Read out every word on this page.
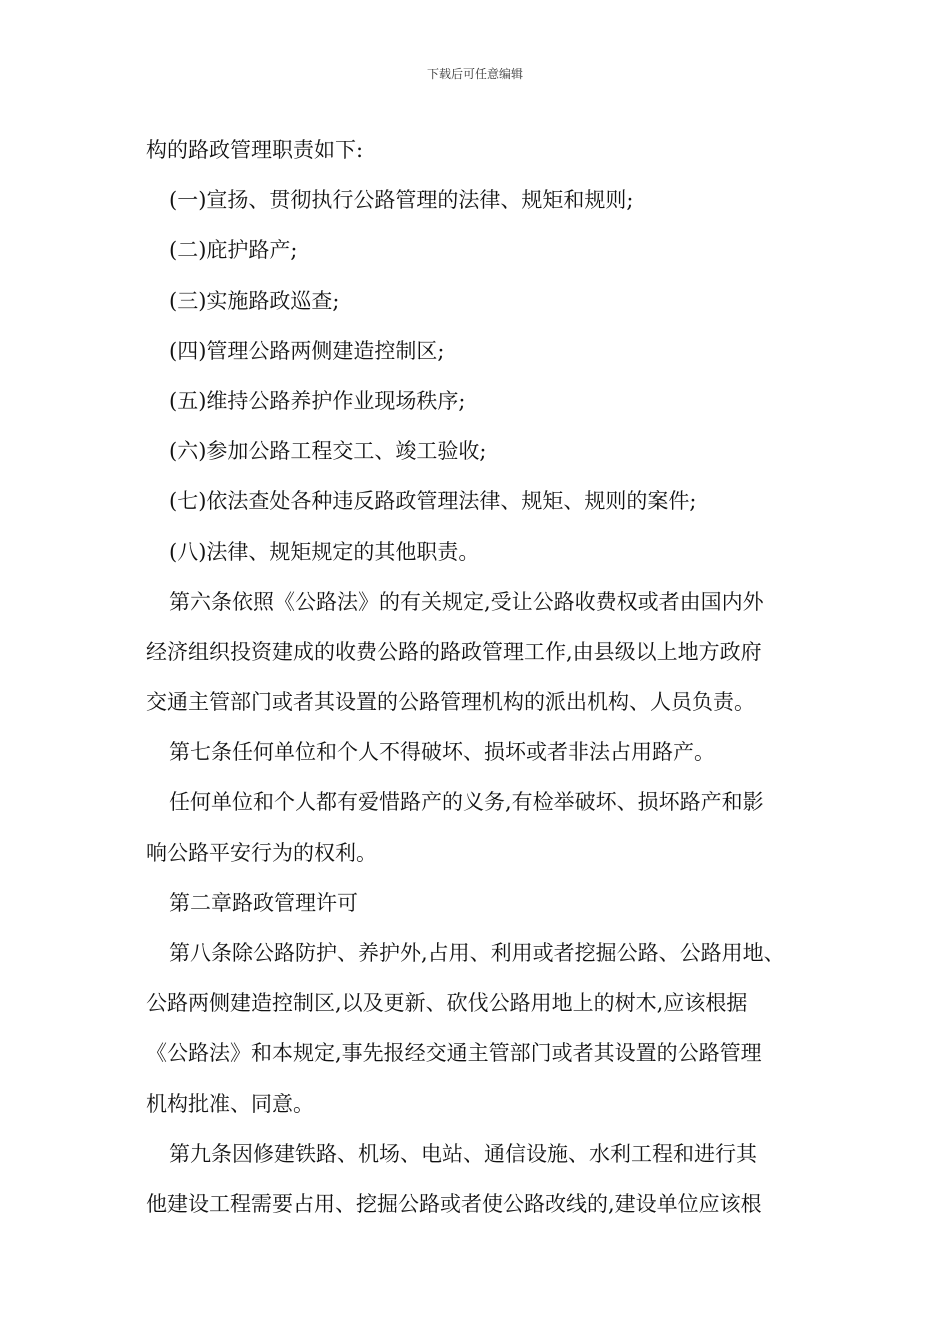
下载后可任意编辑
构的路政管理职责如下:
(一)宣扬、贯彻执行公路管理的法律、规矩和规则;
(二)庇护路产;
(三)实施路政巡查;
(四)管理公路两侧建造控制区;
(五)维持公路养护作业现场秩序;
(六)参加公路工程交工、竣工验收;
(七)依法查处各种违反路政管理法律、规矩、规则的案件;
(八)法律、规矩规定的其他职责。
第六条依照《公路法》的有关规定,受让公路收费权或者由国内外
经济组织投资建成的收费公路的路政管理工作,由县级以上地方政府
交通主管部门或者其设置的公路管理机构的派出机构、人员负责。
第七条任何单位和个人不得破坏、损坏或者非法占用路产。
任何单位和个人都有爱惜路产的义务,有检举破坏、损坏路产和影
响公路平安行为的权利。
第二章路政管理许可
第八条除公路防护、养护外,占用、利用或者挖掘公路、公路用地、
公路两侧建造控制区,以及更新、砍伐公路用地上的树木,应该根据
《公路法》和本规定,事先报经交通主管部门或者其设置的公路管理
机构批准、同意。
第九条因修建铁路、机场、电站、通信设施、水利工程和进行其
他建设工程需要占用、挖掘公路或者使公路改线的,建设单位应该根
